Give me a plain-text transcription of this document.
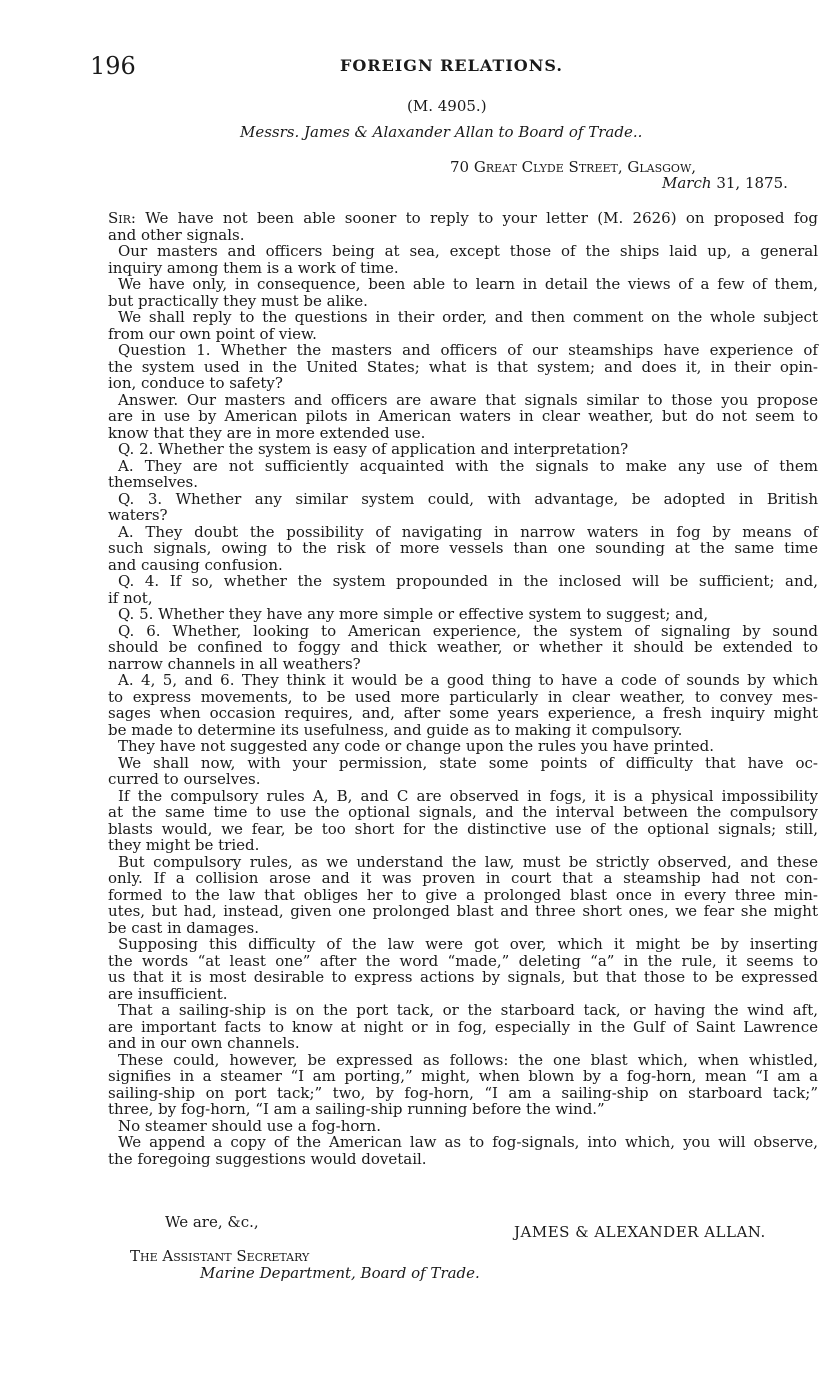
196	FOREIGN RELATIONS.
(M. 4905.)
Messrs. James & Alaxander Allan to Board of Trade..
70 Great Clyde Street, Glasgow,
March 31, 1875.
Sir: We have not been able sooner to reply to your letter (M. 2626) on proposed fog
and other signals.
Our masters and officers being at sea, except those of the ships laid up, a general
inquiry among them is a work of time.
We have only, in consequence, been able to learn in detail the views of a few of them,
but practically they must be alike.
We shall reply to the questions in their order, and then comment on the whole subject
from our own point of view.
Question 1. Whether the masters and officers of our steamships have experience of
the system used in the United States; what is that system; and does it, in their opin-
ion, conduce to safety?
Answer. Our masters and officers are aware that signals similar to those you propose
are in use by American pilots in American waters in clear weather, but do not seem to
know that they are in more extended use.
Q. 2. Whether the system is easy of application and interpretation?
A. They are not sufficiently acquainted with the signals to make any use of them
themselves.
Q. 3. Whether any similar system could, with advantage, be adopted in British
waters?
A. They doubt the possibility of navigating in narrow waters in fog by means of
such signals, owing to the risk of more vessels than one sounding at the same time
and causing confusion.
Q. 4. If so, whether the system propounded in the inclosed will be sufficient; and,
if not,
Q. 5. Whether they have any more simple or effective system to suggest; and,
Q. 6. Whether, looking to American experience, the system of signaling by sound
should be confined to foggy and thick weather, or whether it should be extended to
narrow channels in all weathers?
A. 4, 5, and 6. They think it would be a good thing to have a code of sounds by which
to express movements, to be used more particularly in clear weather, to convey mes-
sages when occasion requires, and, after some years experience, a fresh inquiry might
be made to determine its usefulness, and guide as to making it compulsory.
They have not suggested any code or change upon the rules you have printed.
We shall now, with your permission, state some points of difficulty that have oc-
curred to ourselves.
If the compulsory rules A, B, and C are observed in fogs, it is a physical impossibility
at the same time to use the optional signals, and the interval between the compulsory
blasts would, we fear, be too short for the distinctive use of the optional signals; still,
they might be tried.
But compulsory rules, as we understand the law, must be strictly observed, and these
only. If a collision arose and it was proven in court that a steamship had not con-
formed to the law that obliges her to give a prolonged blast once in every three min-
utes, but had, instead, given one prolonged blast and three short ones, we fear she might
be cast in damages.
Supposing this difficulty of the law were got over, which it might be by inserting
the words “at least one” after the word “made,” deleting “a” in the rule, it seems to
us that it is most desirable to express actions by signals, but that those to be expressed
are insufficient.
That a sailing-ship is on the port tack, or the starboard tack, or having the wind aft,
are important facts to know at night or in fog, especially in the Gulf of Saint Lawrence
and in our own channels.
These could, however, be expressed as follows: the one blast which, when whistled,
signifies in a steamer “I am porting,” might, when blown by a fog-horn, mean “I am a
sailing-ship on port tack;” two, by fog-horn, “I am a sailing-ship on starboard tack;”
three, by fog-horn, “I am a sailing-ship running before the wind.”
No steamer should use a fog-horn.
We append a copy of the American law as to fog-signals, into which, you will observe,
the foregoing suggestions would dovetail.
We are, &c.,
JAMES & ALEXANDER ALLAN.
The Assistant Secretary
Marine Department, Board of Trade.
